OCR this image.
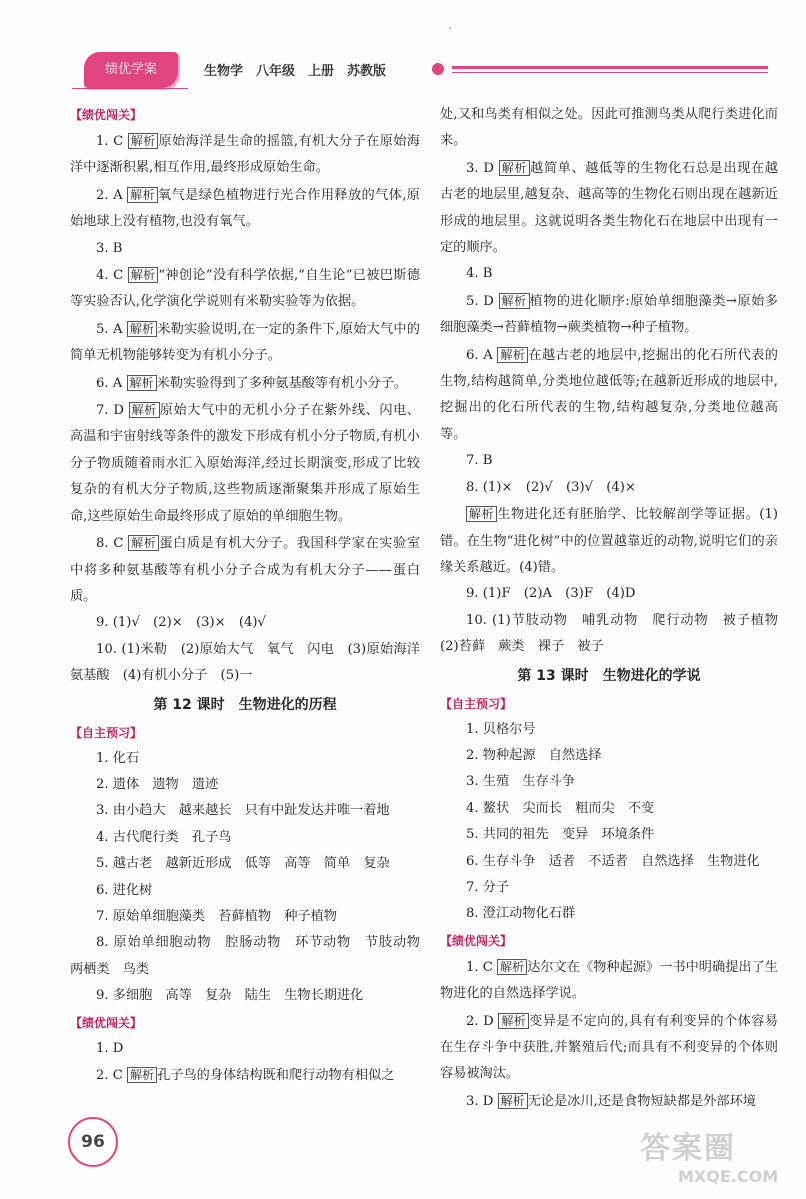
绩优学案	生物学　八年级　上册　苏教版
`
【绩优闯关】

1. C 解析 原始海洋是生命的摇篮,有机大分子在原始海洋中逐渐积累,相互作用,最终形成原始生命。

2. A 解析 氧气是绿色植物进行光合作用释放的气体,原始地球上没有植物,也没有氧气。

3. B

4. C 解析 “神创论”没有科学依据,“自生论”已被巴斯德等实验否认,化学演化学说则有米勒实验等为依据。

5. A 解析 米勒实验说明,在一定的条件下,原始大气中的简单无机物能够转变为有机小分子。

6. A 解析 米勒实验得到了多种氨基酸等有机小分子。

7. D 解析 原始大气中的无机小分子在紫外线、闪电、高温和宇宙射线等条件的激发下形成有机小分子物质,有机小分子物质随着雨水汇入原始海洋,经过长期演变,形成了比较复杂的有机大分子物质,这些物质逐渐聚集并形成了原始生命,这些原始生命最终形成了原始的单细胞生物。

8. C 解析 蛋白质是有机大分子。我国科学家在实验室中将多种氨基酸等有机小分子合成为有机大分子——蛋白质。

9. (1)√　(2)×　(3)×　(4)√

10. (1)米勒　(2)原始大气　氧气　闪电　(3)原始海洋　氨基酸　(4)有机小分子　(5)一

第 12 课时　生物进化的历程
【自主预习】

1. 化石

2. 遗体　遗物　遗迹

3. 由小趋大　越来越长　只有中趾发达并唯一着地

4. 古代爬行类　孔子鸟

5. 越古老　越新近形成　低等　高等　简单　复杂

6. 进化树

7. 原始单细胞藻类　苔藓植物　种子植物

8. 原始单细胞动物　腔肠动物　环节动物　节肢动物　两栖类　鸟类

9. 多细胞　高等　复杂　陆生　生物长期进化

【绩优闯关】

1. D

2. C 解析 孔子鸟的身体结构既和爬行动物有相似之

处,又和鸟类有相似之处。因此可推测鸟类从爬行类进化而来。

3. D 解析 越简单、越低等的生物化石总是出现在越古老的地层里,越复杂、越高等的生物化石则出现在越新近形成的地层里。这就说明各类生物化石在地层中出现有一定的顺序。

4. B

5. D 解析 植物的进化顺序:原始单细胞藻类→原始多细胞藻类→苔藓植物→蕨类植物→种子植物。

6. A 解析 在越古老的地层中,挖掘出的化石所代表的生物,结构越简单,分类地位越低等;在越新近形成的地层中,挖掘出的化石所代表的生物,结构越复杂,分类地位越高等。

7. B

8. (1)×　(2)√　(3)√　(4)×

解析 生物进化还有胚胎学、比较解剖学等证据。(1)错。在生物“进化树”中的位置越靠近的动物,说明它们的亲缘关系越近。(4)错。

9. (1)F　(2)A　(3)F　(4)D

10. (1)节肢动物　哺乳动物　爬行动物　被子植物　(2)苔藓　蕨类　裸子　被子

第 13 课时　生物进化的学说
【自主预习】

1. 贝格尔号

2. 物种起源　自然选择

3. 生殖　生存斗争

4. 鳌状　尖而长　粗而尖　不变

5. 共同的祖先　变异　环境条件

6. 生存斗争　适者　不适者　自然选择　生物进化

7. 分子

8. 澄江动物化石群

【绩优闯关】

1. C 解析 达尔文在《物种起源》一书中明确提出了生物进化的自然选择学说。

2. D 解析 变异是不定向的,具有有利变异的个体容易在生存斗争中获胜,并繁殖后代;而具有不利变异的个体则容易被淘汰。

3. D 解析 无论是冰川,还是食物短缺都是外部环境

96	答案圈
MXQE.COM
